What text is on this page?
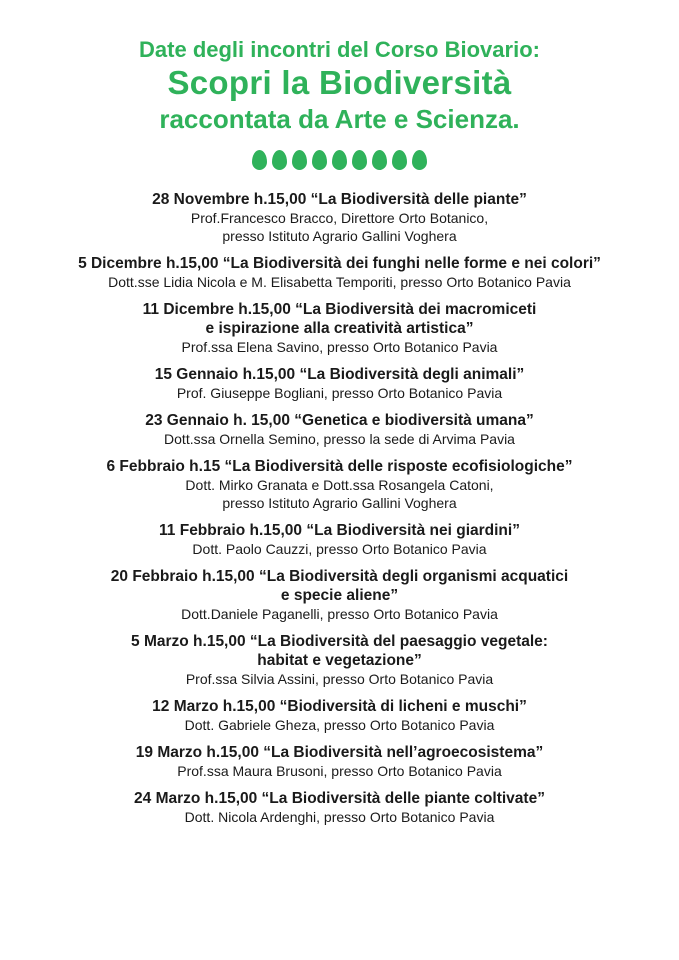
Date degli incontri del Corso Biovario:
Scopri la Biodiversità
raccontata da Arte e Scienza.
28 Novembre h.15,00 “La Biodiversità delle piante”
Prof.Francesco Bracco, Direttore Orto Botanico,
presso Istituto Agrario Gallini Voghera
5 Dicembre h.15,00 “La Biodiversità dei funghi nelle forme e nei colori”
Dott.sse Lidia Nicola e M. Elisabetta Temporiti, presso Orto Botanico Pavia
11 Dicembre h.15,00 “La Biodiversità dei macromiceti
e ispirazione alla creatività artistica”
Prof.ssa Elena Savino, presso Orto Botanico Pavia
15 Gennaio h.15,00 “La Biodiversità degli animali”
Prof. Giuseppe Bogliani, presso Orto Botanico Pavia
23 Gennaio h. 15,00 “Genetica e biodiversità umana”
Dott.ssa Ornella Semino, presso la sede di Arvima Pavia
6 Febbraio h.15 “La Biodiversità delle risposte ecofisiologiche”
Dott. Mirko Granata e Dott.ssa Rosangela Catoni,
presso Istituto Agrario Gallini Voghera
11 Febbraio h.15,00 “La Biodiversità nei giardini”
Dott. Paolo Cauzzi, presso Orto Botanico Pavia
20 Febbraio h.15,00 “La Biodiversità degli organismi acquatici
e specie aliene”
Dott.Daniele Paganelli, presso Orto Botanico Pavia
5 Marzo h.15,00 “La Biodiversità del paesaggio vegetale:
habitat e vegetazione”
Prof.ssa Silvia Assini, presso Orto Botanico Pavia
12 Marzo h.15,00 “Biodiversità di licheni e muschi”
Dott. Gabriele Gheza, presso Orto Botanico Pavia
19 Marzo h.15,00 “La Biodiversità nell’agroecosistema”
Prof.ssa Maura Brusoni, presso Orto Botanico Pavia
24 Marzo h.15,00 “La Biodiversità delle piante coltivate”
Dott. Nicola Ardenghi, presso Orto Botanico Pavia
